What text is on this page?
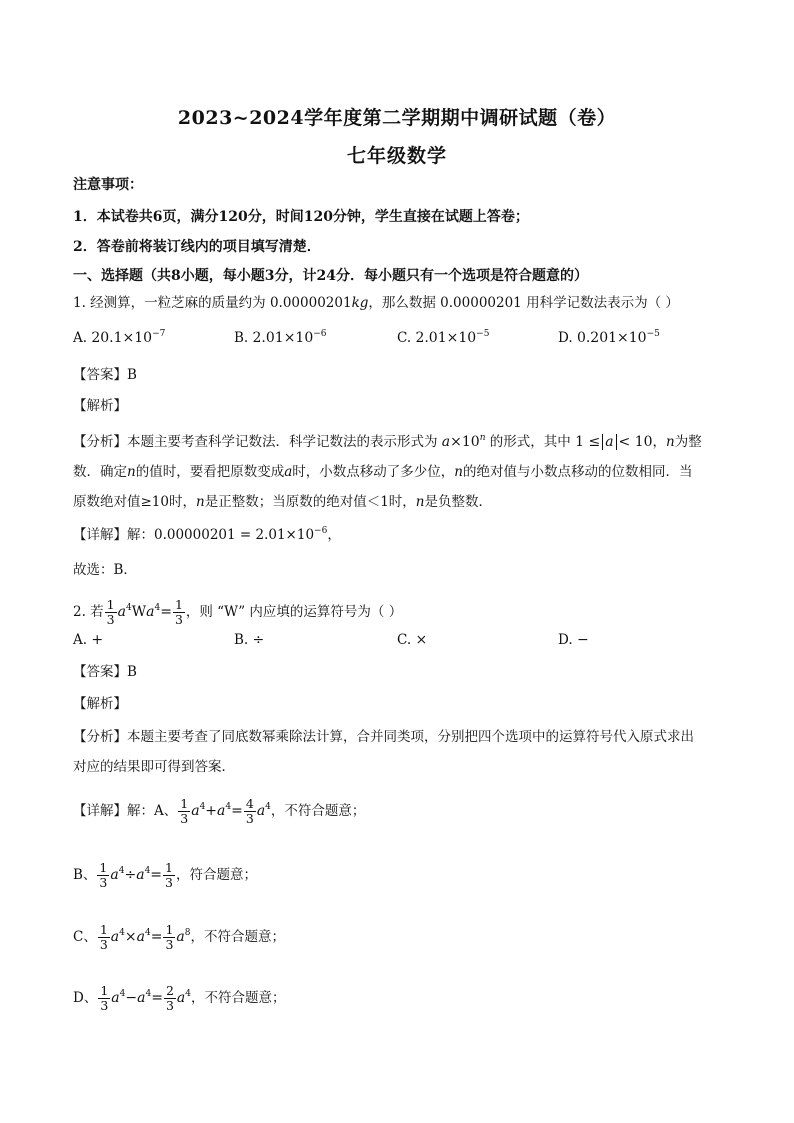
2023~2024学年度第二学期期中调研试题（卷）
七年级数学
注意事项：
1．本试卷共6页，满分120分，时间120分钟，学生直接在试题上答卷；
2．答卷前将装订线内的项目填写清楚．
一、选择题（共8小题，每小题3分，计24分．每小题只有一个选项是符合题意的）
1. 经测算，一粒芝麻的质量约为 0.00000201kg，那么数据 0.00000201 用科学记数法表示为（ ）
A. $20.1\times 10^{-7}$	B. $2.01\times 10^{-6}$	C. $2.01\times 10^{-5}$	D. $0.201\times 10^{-5}$
【答案】B
【解析】
【分析】本题主要考查科学记数法．科学记数法的表示形式为 $a\times 10^n$ 的形式，其中 1 ≤ a < 10，n为整
数．确定n的值时，要看把原数变成a时，小数点移动了多少位，n的绝对值与小数点移动的位数相同．当
原数绝对值≥10时，n是正整数；当原数的绝对值＜1时，n是负整数．
【详解】解：$0.00000201 = 2.01\times 10^{-6}$，
故选：B．
2. 若 $\frac{1}{3} a^4Wa^4= \frac{1}{3}$ ，则 “W” 内应填的运算符号为（ ）
A. +	B. ÷	C. ×	D. −
【答案】B
【解析】
【分析】本题主要考查了同底数幂乘除法计算，合并同类项，分别把四个选项中的运算符号代入原式求出
对应的结果即可得到答案．
【详解】解：A、 $\frac{1}{3} a^4+a^4= \frac{4}{3} a^4$，不符合题意；
B、 $\frac{1}{3} a^4\div a^4= \frac{1}{3}$ ，符合题意；
C、 $\frac{1}{3} a^4\times a^4= \frac{1}{3} a^8$，不符合题意；
D、 $\frac{1}{3} a^4-a^4= \frac{2}{3} a^4$，不符合题意；
